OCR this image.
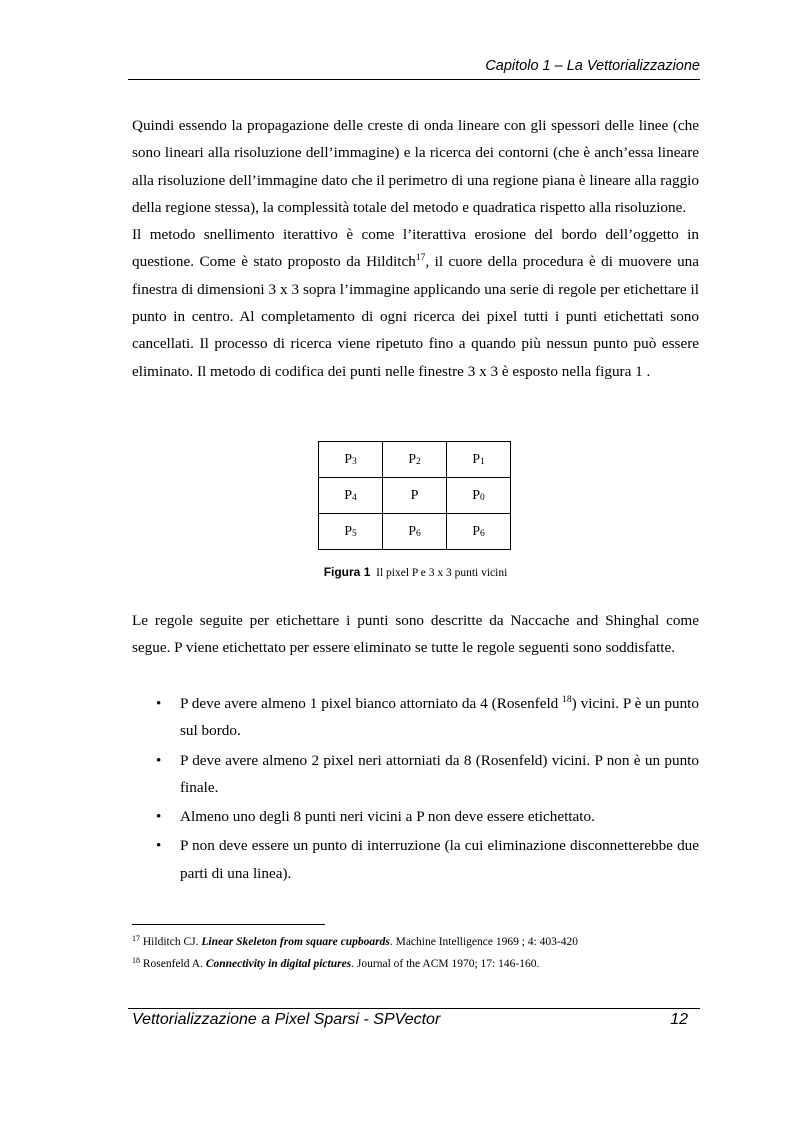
Capitolo 1 – La Vettorializzazione

Quindi essendo la propagazione delle creste di onda lineare con gli spessori delle linee (che sono lineari alla risoluzione dell’immagine) e la ricerca dei contorni (che è anch’essa lineare alla risoluzione dell’immagine dato che il perimetro di una regione piana è lineare alla raggio della regione stessa), la complessità totale del metodo e quadratica rispetto alla risoluzione.

Il metodo snellimento iterattivo è come l’iterattiva erosione del bordo dell’oggetto in questione. Come è stato proposto da Hilditch$^{17}$, il cuore della procedura è di muovere una finestra di dimensioni 3 x 3 sopra l’immagine applicando una serie di regole per etichettare il punto in centro. Al completamento di ogni ricerca dei pixel tutti i punti etichettati sono cancellati. Il processo di ricerca viene ripetuto fino a quando più nessun punto può essere eliminato. Il metodo di codifica dei punti nelle finestre 3 x 3 è esposto nella figura 1 .

$P_3$	$P_2$	$P_1$
$P_4$	P	$P_0$
$P_5$	$P_6$	$P_6$
Figura 1 Il pixel P e 3 x 3 punti vicini

Le regole seguite per etichettare i punti sono descritte da Naccache and Shinghal come segue. P viene etichettato per essere eliminato se tutte le regole seguenti sono soddisfatte.

• P deve avere almeno 1 pixel bianco attorniato da 4 (Rosenfeld $^{18}$) vicini. P è un punto sul bordo.
• P deve avere almeno 2 pixel neri attorniati da 8 (Rosenfeld) vicini. P non è un punto finale.
• Almeno uno degli 8 punti neri vicini a P non deve essere etichettato.
• P non deve essere un punto di interruzione (la cui eliminazione disconnetterebbe due parti di una linea).
$^{17}$ Hilditch CJ. Linear Skeleton from square cupboards. Machine Intelligence 1969 ; 4: 403-420
$^{18}$ Rosenfeld A. Connectivity in digital pictures. Journal of the ACM 1970; 17: 146-160.
Vettorializzazione a Pixel Sparsi - SPVector	12
